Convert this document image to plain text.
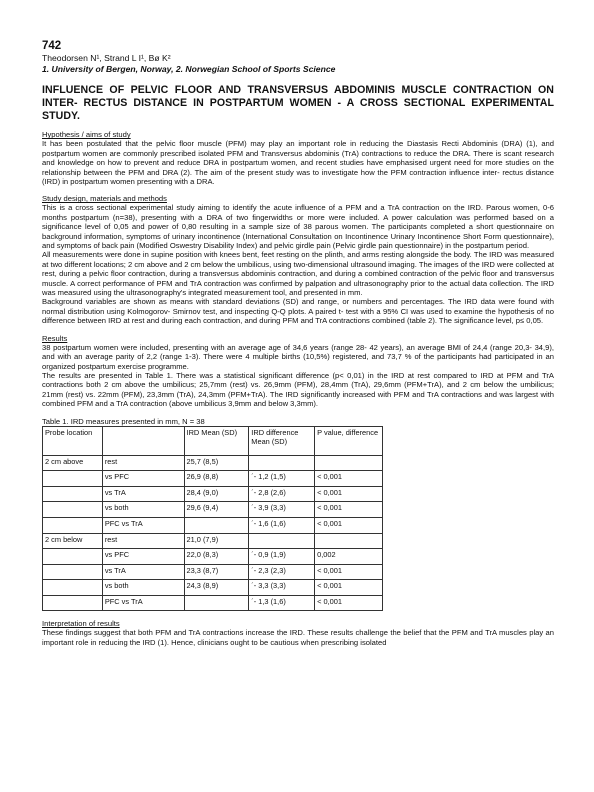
742
Theodorsen N¹, Strand L I¹, Bø K²
1. University of Bergen, Norway, 2. Norwegian School of Sports Science
INFLUENCE OF PELVIC FLOOR AND TRANSVERSUS ABDOMINIS MUSCLE CONTRACTION ON INTER- RECTUS DISTANCE IN POSTPARTUM WOMEN - A CROSS SECTIONAL EXPERIMENTAL STUDY.
Hypothesis / aims of study

It has been postulated that the pelvic floor muscle (PFM) may play an important role in reducing the Diastasis Recti Abdominis (DRA) (1), and postpartum women are commonly prescribed isolated PFM and Transversus abdominis (TrA) contractions to reduce the DRA. There is scant research and knowledge on how to prevent and reduce DRA in postpartum women, and recent studies have emphasised urgent need for more studies on the relationship between the PFM and DRA (2). The aim of the present study was to investigate how the PFM contraction influence inter- rectus distance (IRD) in postpartum women presenting with a DRA.

Study design, materials and methods

This is a cross sectional experimental study aiming to identify the acute influence of a PFM and a TrA contraction on the IRD. Parous women, 0-6 months postpartum (n=38), presenting with a DRA of two fingerwidths or more were included. A power calculation was performed based on a significance level of 0,05 and power of 0,80 resulting in a sample size of 38 parous women. The participants completed a short questionnaire on background information, symptoms of urinary incontinence (International Consultation on Incontinence Urinary Incontinence Short Form questionnaire), and symptoms of back pain (Modified Oswestry Disability Index) and pelvic girdle pain (Pelvic girdle pain questionnaire) in the postpartum period.

All measurements were done in supine position with knees bent, feet resting on the plinth, and arms resting alongside the body. The IRD was measured at two different locations; 2 cm above and 2 cm below the umbilicus, using two-dimensional ultrasound imaging. The images of the IRD were collected at rest, during a pelvic floor contraction, during a transversus abdominis contraction, and during a combined contraction of the pelvic floor and transversus muscle. A correct performance of PFM and TrA contraction was confirmed by palpation and ultrasonography prior to the actual data collection. The IRD was measured using the ultrasonography's integrated measurement tool, and presented in mm.

Background variables are shown as means with standard deviations (SD) and range, or numbers and percentages. The IRD data were found with normal distribution using Kolmogorov- Smirnov test, and inspecting Q-Q plots. A paired t- test with a 95% CI was used to examine the hypothesis of no difference between IRD at rest and during each contraction, and during PFM and TrA contractions combined (table 2). The significance level, p≤ 0,05.

Results

38 postpartum women were included, presenting with an average age of 34,6 years (range 28- 42 years), an average BMI of 24,4 (range 20,3- 34,9), and with an average parity of 2,2 (range 1-3). There were 4 multiple births (10,5%) registered, and 73,7 % of the participants had participated in an organized postpartum exercise programme.

The results are presented in Table 1. There was a statistical significant difference (p< 0,01) in the IRD at rest compared to IRD at PFM and TrA contractions both 2 cm above the umbilicus; 25,7mm (rest) vs. 26,9mm (PFM), 28,4mm (TrA), 29,6mm (PFM+TrA), and 2 cm below the umbilicus; 21mm (rest) vs. 22mm (PFM), 23,3mm (TrA), 24,3mm (PFM+TrA). The IRD significantly increased with PFM and TrA contractions and was largest with combined PFM and a TrA contraction (above umbilicus 3,9mm and below 3,3mm).

Table 1. IRD measures presented in mm, N = 38
Probe location		IRD Mean (SD)	IRD difference Mean (SD)	P value, difference
2 cm above	rest	25,7 (8,5)		
	vs PFC	26,9 (8,8)	´- 1,2 (1,5)	< 0,001
	vs TrA	28,4 (9,0)	´- 2,8 (2,6)	< 0,001
	vs both	29,6 (9,4)	´- 3,9 (3,3)	< 0,001
	PFC vs TrA		´- 1,6 (1,6)	< 0,001
2 cm below	rest	21,0 (7,9)		
	vs PFC	22,0 (8,3)	´- 0,9 (1,9)	0,002
	vs TrA	23,3 (8,7)	´- 2,3 (2,3)	< 0,001
	vs both	24,3 (8,9)	´- 3,3 (3,3)	< 0,001
	PFC vs TrA		´- 1,3 (1,6)	< 0,001
Interpretation of results

These findings suggest that both PFM and TrA contractions increase the IRD. These results challenge the belief that the PFM and TrA muscles play an important role in reducing the IRD (1). Hence, clinicians ought to be cautious when prescribing isolated
